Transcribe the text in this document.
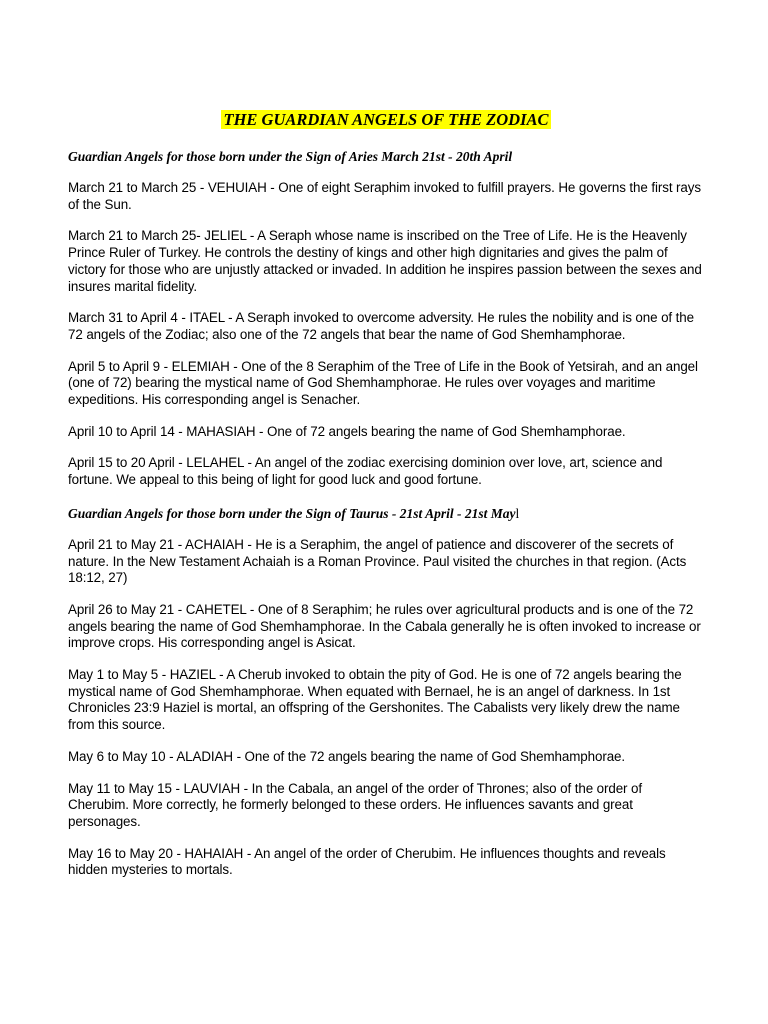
THE GUARDIAN ANGELS OF THE ZODIAC

Guardian Angels for those born under the Sign of Aries March 21st - 20th April

March 21 to March 25 - VEHUIAH - One of eight Seraphim invoked to fulfill prayers. He governs the first rays of the Sun.

March 21 to March 25- JELIEL - A Seraph whose name is inscribed on the Tree of Life. He is the Heavenly Prince Ruler of Turkey. He controls the destiny of kings and other high dignitaries and gives the palm of victory for those who are unjustly attacked or invaded. In addition he inspires passion between the sexes and insures marital fidelity.

March 31 to April 4 - ITAEL - A Seraph invoked to overcome adversity. He rules the nobility and is one of the 72 angels of the Zodiac; also one of the 72 angels that bear the name of God Shemhamphorae.

April 5 to April 9 - ELEMIAH - One of the 8 Seraphim of the Tree of Life in the Book of Yetsirah, and an angel (one of 72) bearing the mystical name of God Shemhamphorae. He rules over voyages and maritime expeditions. His corresponding angel is Senacher.

April 10 to April 14 - MAHASIAH - One of 72 angels bearing the name of God Shemhamphorae.

April 15 to 20 April - LELAHEL - An angel of the zodiac exercising dominion over love, art, science and fortune. We appeal to this being of light for good luck and good fortune.

Guardian Angels for those born under the Sign of Taurus - 21st April - 21st Mayl

April 21 to May 21 - ACHAIAH - He is a Seraphim, the angel of patience and discoverer of the secrets of nature. In the New Testament Achaiah is a Roman Province. Paul visited the churches in that region. (Acts 18:12, 27)

April 26 to May 21 - CAHETEL - One of 8 Seraphim; he rules over agricultural products and is one of the 72 angels bearing the name of God Shemhamphorae. In the Cabala generally he is often invoked to increase or improve crops. His corresponding angel is Asicat.

May 1 to May 5 - HAZIEL - A Cherub invoked to obtain the pity of God. He is one of 72 angels bearing the mystical name of God Shemhamphorae. When equated with Bernael, he is an angel of darkness. In 1st Chronicles 23:9 Haziel is mortal, an offspring of the Gershonites. The Cabalists very likely drew the name from this source.

May 6 to May 10 - ALADIAH - One of the 72 angels bearing the name of God Shemhamphorae.

May 11 to May 15 - LAUVIAH - In the Cabala, an angel of the order of Thrones; also of the order of Cherubim. More correctly, he formerly belonged to these orders. He influences savants and great personages.

May 16 to May 20 - HAHAIAH - An angel of the order of Cherubim. He influences thoughts and reveals hidden mysteries to mortals.
